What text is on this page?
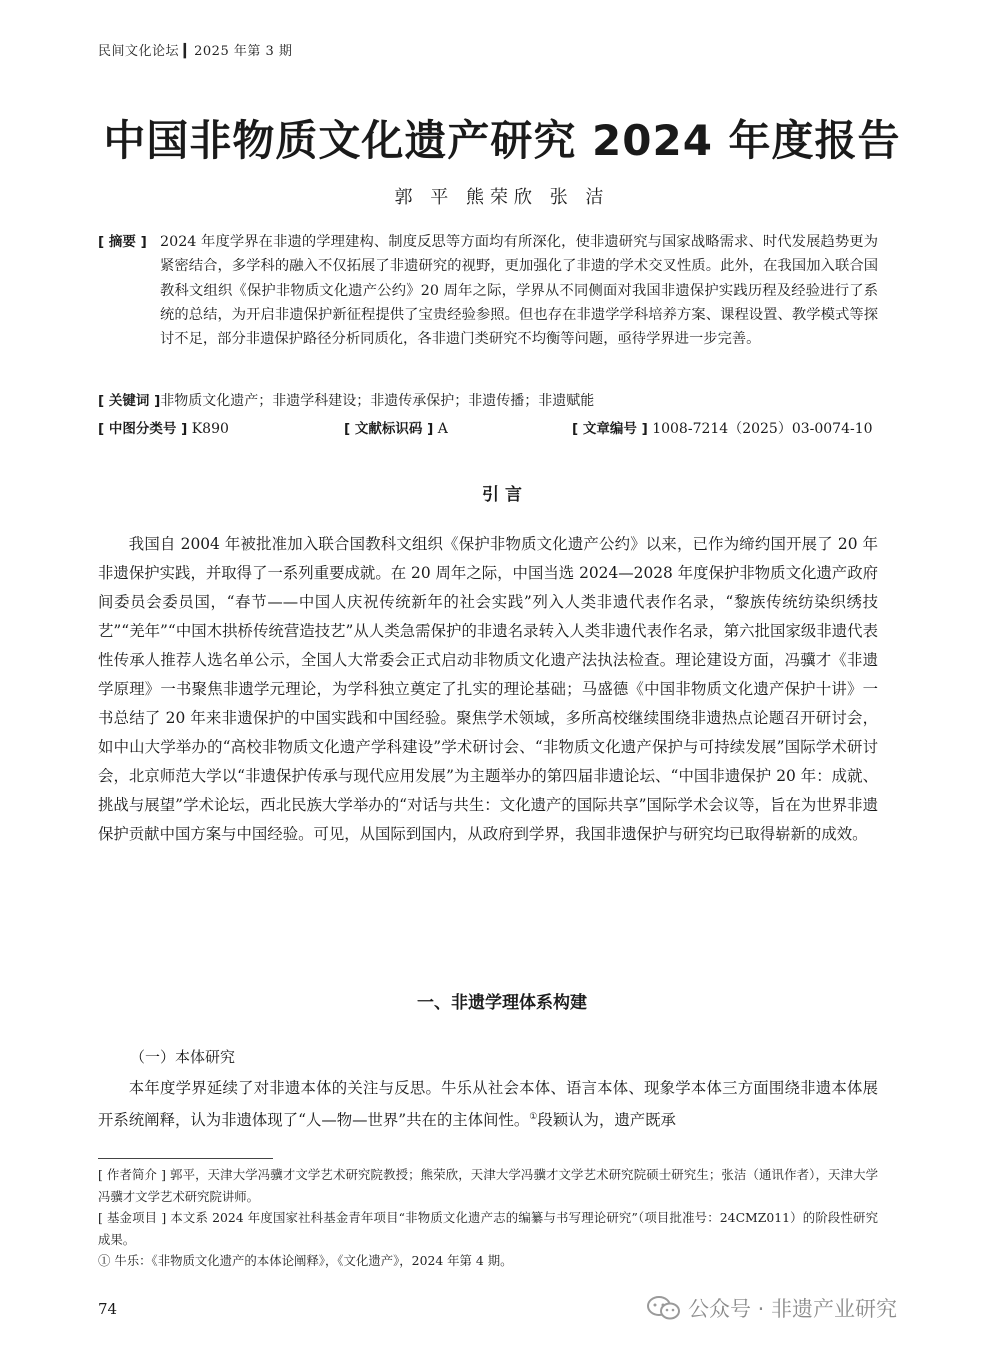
民间文化论坛 ▎2025 年第 3 期
中国非物质文化遗产研究 2024 年度报告
郭 平 熊荣欣 张 洁
[ 摘要 ] 2024 年度学界在非遗的学理建构、制度反思等方面均有所深化，使非遗研究与国家战略需求、时代发展趋势更为紧密结合，多学科的融入不仅拓展了非遗研究的视野，更加强化了非遗的学术交叉性质。此外，在我国加入联合国教科文组织《保护非物质文化遗产公约》20 周年之际，学界从不同侧面对我国非遗保护实践历程及经验进行了系统的总结，为开启非遗保护新征程提供了宝贵经验参照。但也存在非遗学学科培养方案、课程设置、教学模式等探讨不足，部分非遗保护路径分析同质化，各非遗门类研究不均衡等问题，亟待学界进一步完善。
[ 关键词 ]非物质文化遗产；非遗学科建设；非遗传承保护；非遗传播；非遗赋能
[ 中图分类号 ] K890	[ 文献标识码 ] A	[ 文章编号 ] 1008-7214（2025）03-0074-10
引 言
我国自 2004 年被批准加入联合国教科文组织《保护非物质文化遗产公约》以来，已作为缔约国开展了 20 年非遗保护实践，并取得了一系列重要成就。在 20 周年之际，中国当选 2024—2028 年度保护非物质文化遗产政府间委员会委员国，“春节——中国人庆祝传统新年的社会实践”列入人类非遗代表作名录，“黎族传统纺染织绣技艺”“羌年”“中国木拱桥传统营造技艺”从人类急需保护的非遗名录转入人类非遗代表作名录，第六批国家级非遗代表性传承人推荐人选名单公示，全国人大常委会正式启动非物质文化遗产法执法检查。理论建设方面，冯骥才《非遗学原理》一书聚焦非遗学元理论，为学科独立奠定了扎实的理论基础；马盛德《中国非物质文化遗产保护十讲》一书总结了 20 年来非遗保护的中国实践和中国经验。聚焦学术领域，多所高校继续围绕非遗热点论题召开研讨会，如中山大学举办的“高校非物质文化遗产学科建设”学术研讨会、“非物质文化遗产保护与可持续发展”国际学术研讨会，北京师范大学以“非遗保护传承与现代应用发展”为主题举办的第四届非遗论坛、“中国非遗保护 20 年：成就、挑战与展望”学术论坛，西北民族大学举办的“对话与共生：文化遗产的国际共享”国际学术会议等，旨在为世界非遗保护贡献中国方案与中国经验。可见，从国际到国内，从政府到学界，我国非遗保护与研究均已取得崭新的成效。
一、非遗学理体系构建
（一）本体研究
本年度学界延续了对非遗本体的关注与反思。牛乐从社会本体、语言本体、现象学本体三方面围绕非遗本体展开系统阐释，认为非遗体现了“人—物—世界”共在的主体间性。①段颖认为，遗产既承

[ 作者简介 ] 郭平，天津大学冯骥才文学艺术研究院教授；熊荣欣，天津大学冯骥才文学艺术研究院硕士研究生；张洁（通讯作者），天津大学冯骥才文学艺术研究院讲师。

[ 基金项目 ] 本文系 2024 年度国家社科基金青年项目“非物质文化遗产志的编纂与书写理论研究”（项目批准号：24CMZ011）的阶段性研究成果。

① 牛乐：《非物质文化遗产的本体论阐释》，《文化遗产》，2024 年第 4 期。

74	公众号 · 非遗产业研究
